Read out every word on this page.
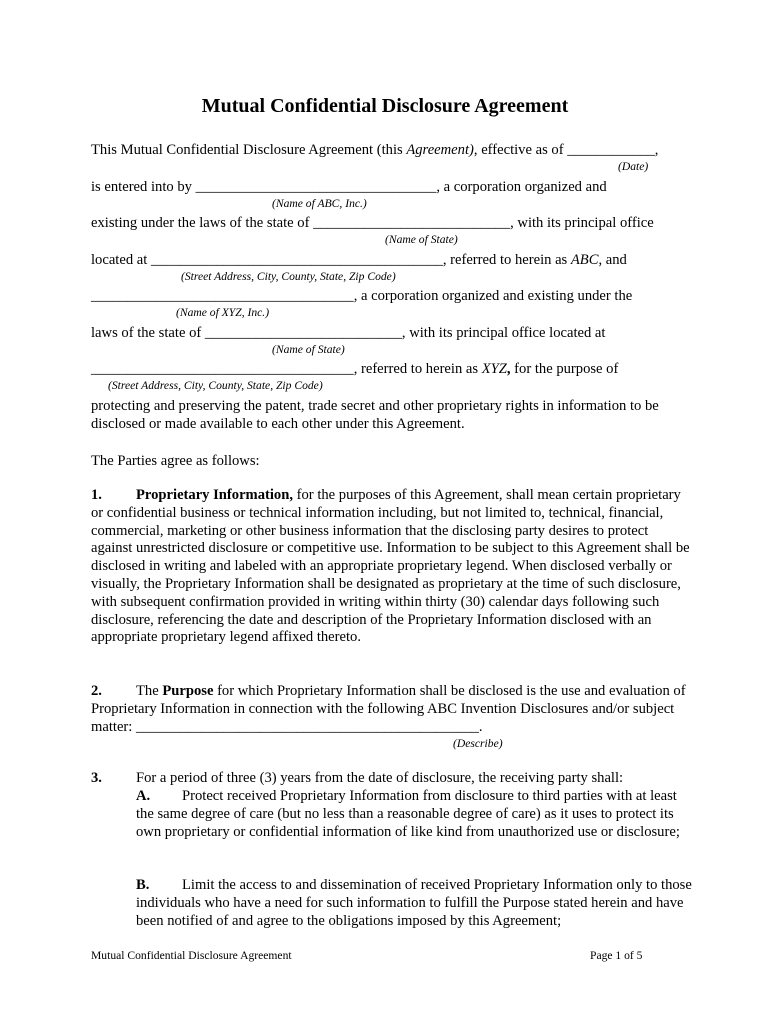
Mutual Confidential Disclosure Agreement
This Mutual Confidential Disclosure Agreement (this Agreement), effective as of ____________,
(Date)
is entered into by _________________________________, a corporation organized and
(Name of ABC, Inc.)
existing under the laws of the state of ___________________________, with its principal office
(Name of State)
located at ________________________________________, referred to herein as ABC, and
(Street Address, City, County, State, Zip Code)
____________________________________, a corporation organized and existing under the
(Name of XYZ, Inc.)
laws of the state of ___________________________, with its principal office located at
(Name of State)
____________________________________, referred to herein as XYZ, for the purpose of
(Street Address, City, County, State, Zip Code)

protecting and preserving the patent, trade secret and other proprietary rights in information to be disclosed or made available to each other under this Agreement.

The Parties agree as follows:

1. Proprietary Information, for the purposes of this Agreement, shall mean certain proprietary or confidential business or technical information including, but not limited to, technical, financial, commercial, marketing or other business information that the disclosing party desires to protect against unrestricted disclosure or competitive use. Information to be subject to this Agreement shall be disclosed in writing and labeled with an appropriate proprietary legend. When disclosed verbally or visually, the Proprietary Information shall be designated as proprietary at the time of such disclosure, with subsequent confirmation provided in writing within thirty (30) calendar days following such disclosure, referencing the date and description of the Proprietary Information disclosed with an appropriate proprietary legend affixed thereto.

2. The Purpose for which Proprietary Information shall be disclosed is the use and evaluation of Proprietary Information in connection with the following ABC Invention Disclosures and/or subject matter: _______________________________________________.

(Describe)
3. For a period of three (3) years from the date of disclosure, the receiving party shall:

A. Protect received Proprietary Information from disclosure to third parties with at least the same degree of care (but no less than a reasonable degree of care) as it uses to protect its own proprietary or confidential information of like kind from unauthorized use or disclosure;

B. Limit the access to and dissemination of received Proprietary Information only to those individuals who have a need for such information to fulfill the Purpose stated herein and have been notified of and agree to the obligations imposed by this Agreement;

Mutual Confidential Disclosure Agreement	Page 1 of 5
